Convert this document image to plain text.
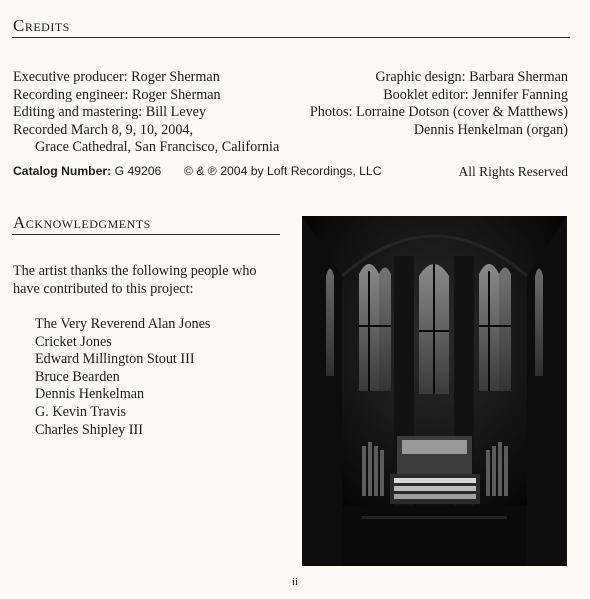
Credits
Executive producer: Roger Sherman
Recording engineer: Roger Sherman
Editing and mastering: Bill Levey
Recorded March 8, 9, 10, 2004,
Grace Cathedral, San Francisco, California
Graphic design: Barbara Sherman
Booklet editor: Jennifer Fanning
Photos: Lorraine Dotson (cover & Matthews)
Dennis Henkelman (organ)
Catalog Number: G 49206 © & ℗ 2004 by Loft Recordings, LLC	All Rights Reserved
Acknowledgments
The artist thanks the following people who have contributed to this project:
The Very Reverend Alan Jones
Cricket Jones
Edward Millington Stout III
Bruce Bearden
Dennis Henkelman
G. Kevin Travis
Charles Shipley III
ii
